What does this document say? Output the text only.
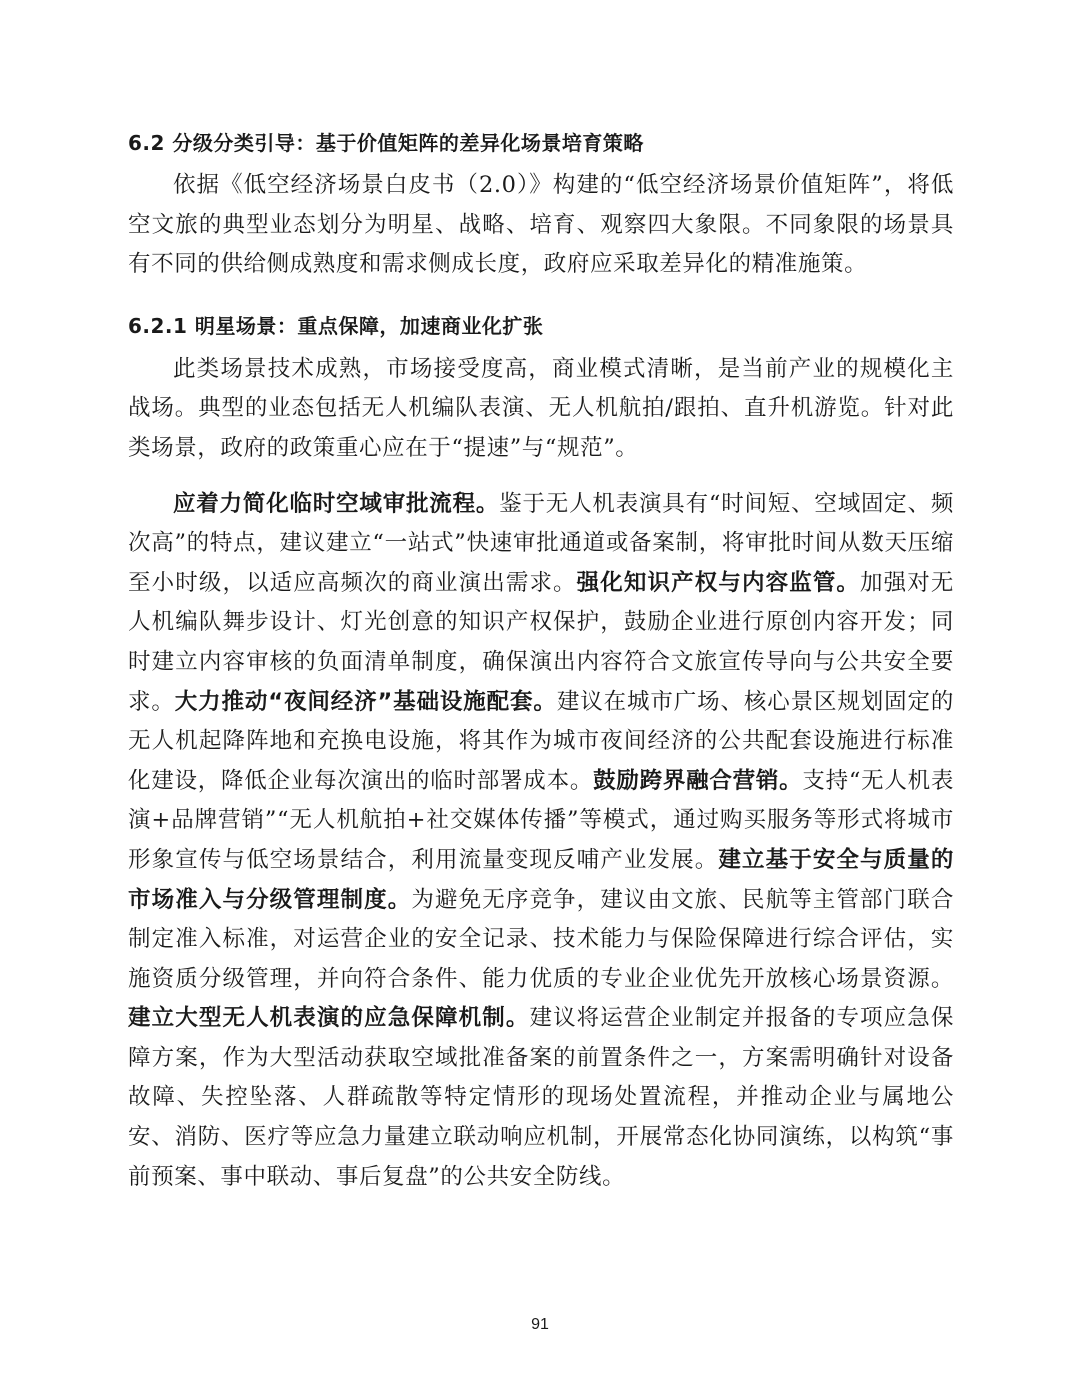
6.2 分级分类引导：基于价值矩阵的差异化场景培育策略

依据《低空经济场景白皮书（2.0）》构建的“低空经济场景价值矩阵”，将低空文旅的典型业态划分为明星、战略、培育、观察四大象限。不同象限的场景具有不同的供给侧成熟度和需求侧成长度，政府应采取差异化的精准施策。

6.2.1 明星场景：重点保障，加速商业化扩张

此类场景技术成熟，市场接受度高，商业模式清晰，是当前产业的规模化主战场。典型的业态包括无人机编队表演、无人机航拍/跟拍、直升机游览。针对此类场景，政府的政策重心应在于“提速”与“规范”。

应着力简化临时空域审批流程。鉴于无人机表演具有“时间短、空域固定、频次高”的特点，建议建立“一站式”快速审批通道或备案制，将审批时间从数天压缩至小时级，以适应高频次的商业演出需求。强化知识产权与内容监管。加强对无人机编队舞步设计、灯光创意的知识产权保护，鼓励企业进行原创内容开发；同时建立内容审核的负面清单制度，确保演出内容符合文旅宣传导向与公共安全要求。大力推动“夜间经济”基础设施配套。建议在城市广场、核心景区规划固定的无人机起降阵地和充换电设施，将其作为城市夜间经济的公共配套设施进行标准化建设，降低企业每次演出的临时部署成本。鼓励跨界融合营销。支持“无人机表演+品牌营销”“无人机航拍+社交媒体传播”等模式，通过购买服务等形式将城市形象宣传与低空场景结合，利用流量变现反哺产业发展。建立基于安全与质量的市场准入与分级管理制度。为避免无序竞争，建议由文旅、民航等主管部门联合制定准入标准，对运营企业的安全记录、技术能力与保险保障进行综合评估，实施资质分级管理，并向符合条件、能力优质的专业企业优先开放核心场景资源。建立大型无人机表演的应急保障机制。建议将运营企业制定并报备的专项应急保障方案，作为大型活动获取空域批准备案的前置条件之一，方案需明确针对设备故障、失控坠落、人群疏散等特定情形的现场处置流程，并推动企业与属地公安、消防、医疗等应急力量建立联动响应机制，开展常态化协同演练，以构筑“事前预案、事中联动、事后复盘”的公共安全防线。

91
